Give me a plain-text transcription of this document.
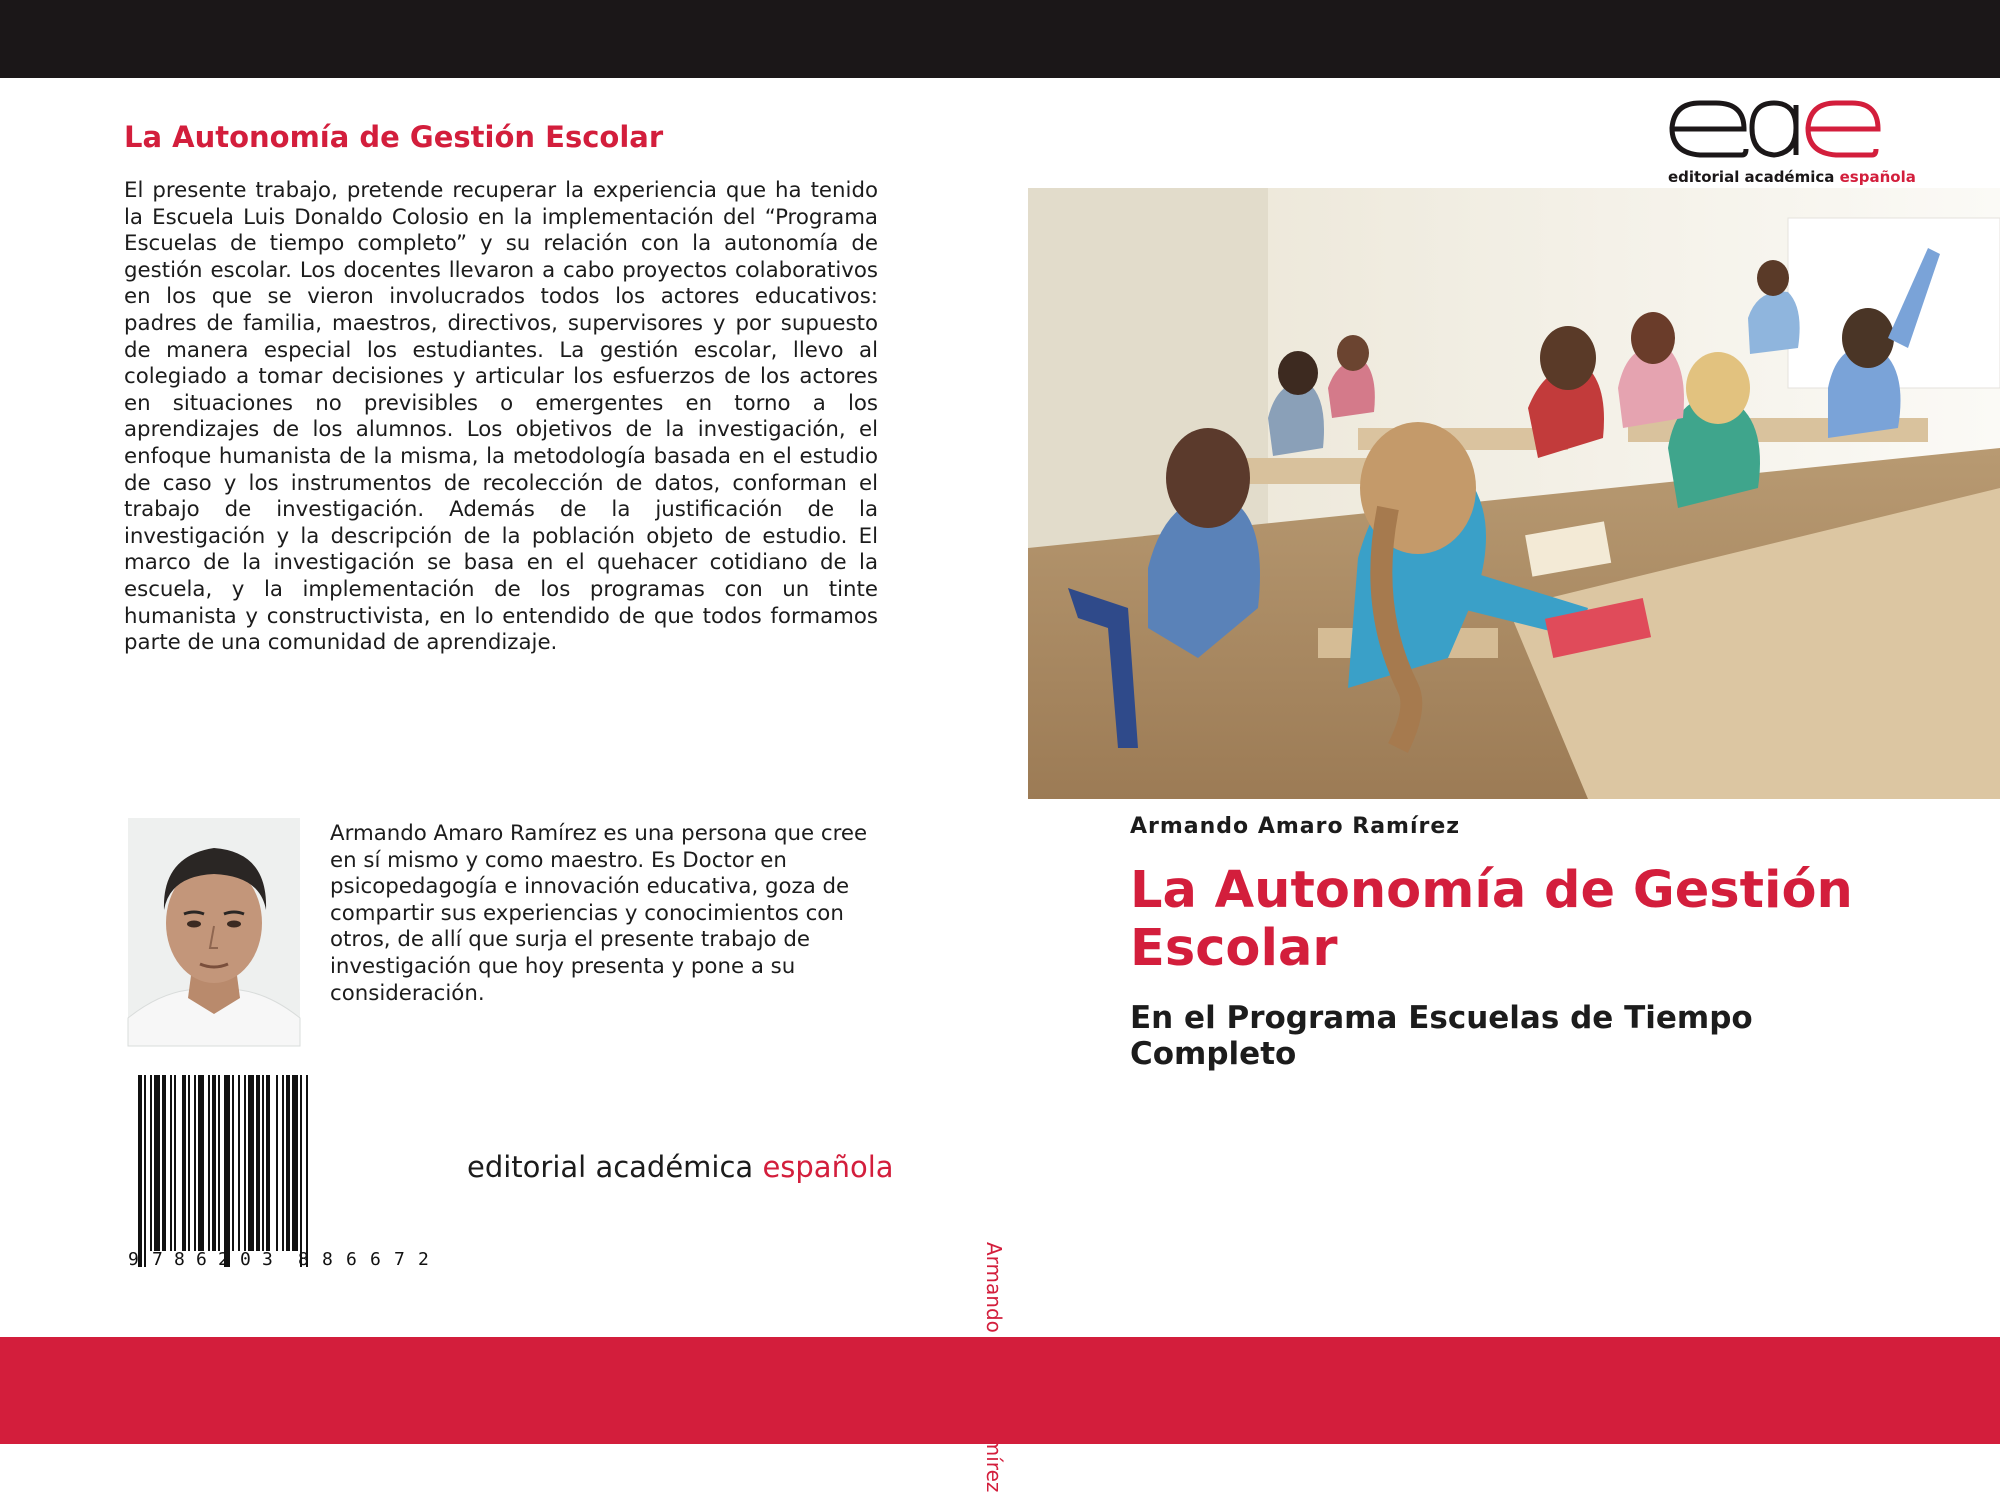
La Autonomía de Gestión Escolar
El presente trabajo, pretende recuperar la experiencia que ha tenido la Escuela Luis Donaldo Colosio en la implementación del “Programa Escuelas de tiempo completo” y su relación con la autonomía de gestión escolar. Los docentes llevaron a cabo proyectos colaborativos en los que se vieron involucrados todos los actores educativos: padres de familia, maestros, directivos, supervisores y por supuesto de manera especial los estudiantes. La gestión escolar, llevo al colegiado a tomar decisiones y articular los esfuerzos de los actores en situaciones no previsibles o emergentes en torno a los aprendizajes de los alumnos. Los objetivos de la investigación, el enfoque humanista de la misma, la metodología basada en el estudio de caso y los instrumentos de recolección de datos, conforman el trabajo de investigación. Además de la justificación de la investigación y la descripción de la población objeto de estudio. El marco de la investigación se basa en el quehacer cotidiano de la escuela, y la implementación de los programas con un tinte humanista y constructivista, en lo entendido de que todos formamos parte de una comunidad de aprendizaje.
Armando Amaro Ramírez es una persona que cree en sí mismo y como maestro. Es Doctor en psicopedagogía e innovación educativa, goza de compartir sus experiencias y conocimientos con otros, de allí que surja el presente trabajo de investigación que hoy presenta y pone a su consideración.
9 7 8 6 2 0 3 8 8 6 6 7 2
editorial académica española
editorial académica española
Armando Amaro Ramírez
La Autonomía de Gestión Escolar
En el Programa Escuelas de Tiempo Completo
